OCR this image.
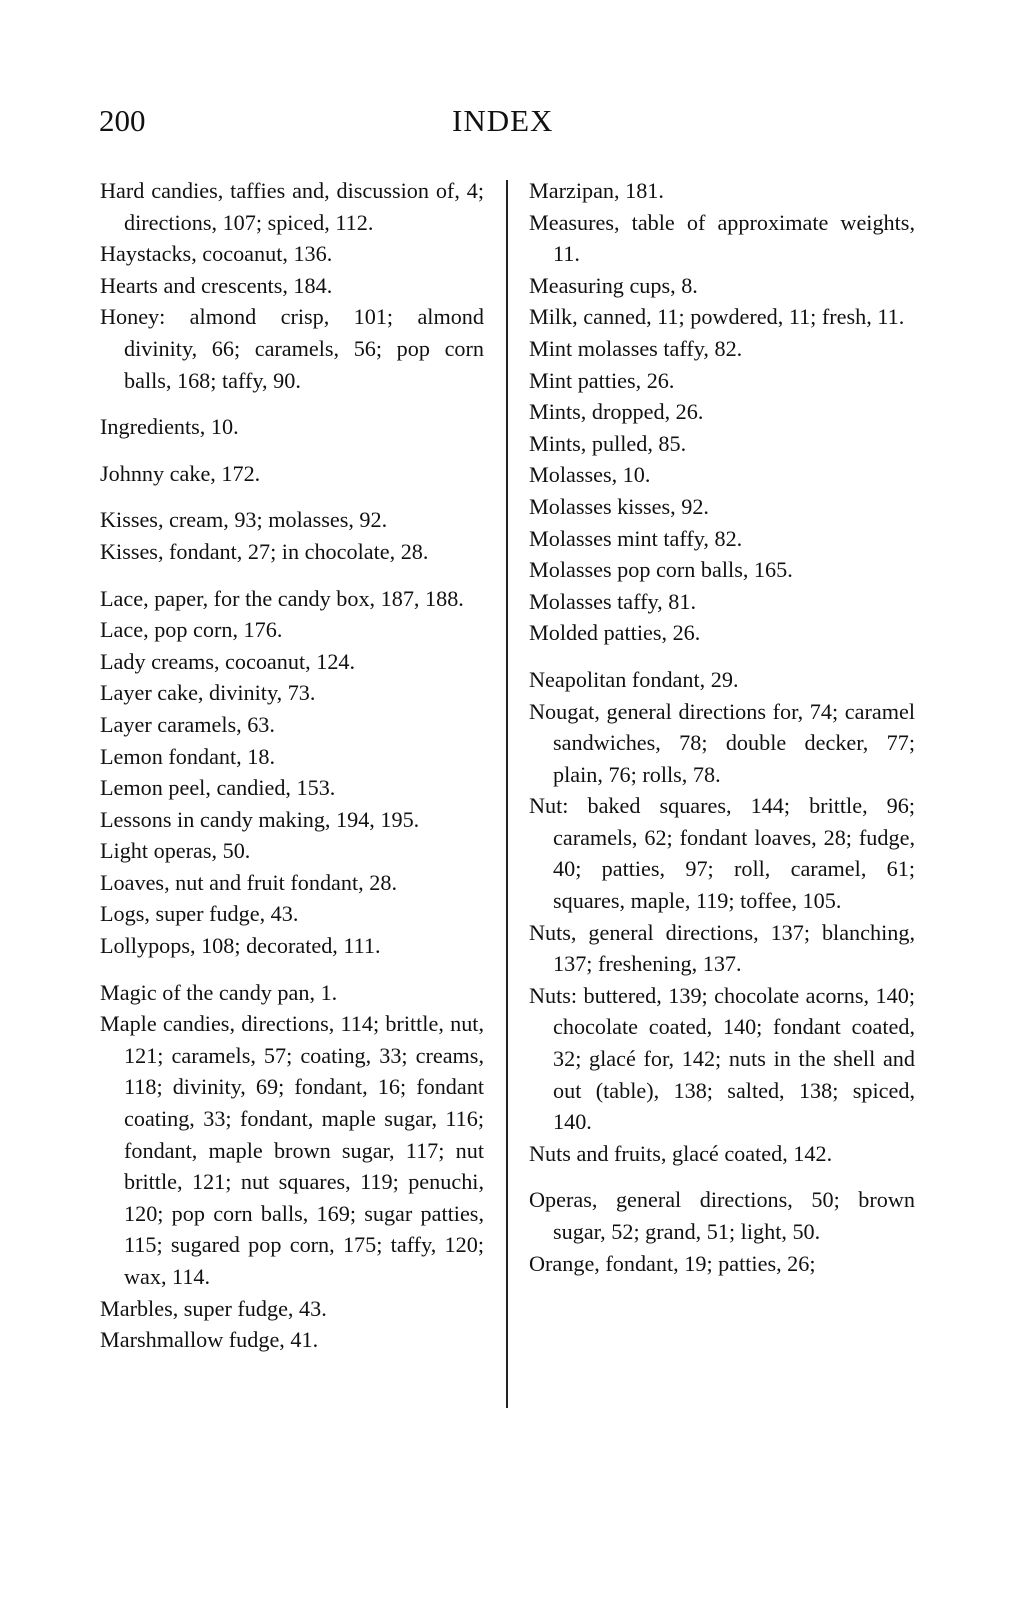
200	INDEX

Hard candies, taffies and, discussion of, 4; directions, 107; spiced, 112.

Haystacks, cocoanut, 136.

Hearts and crescents, 184.

Honey: almond crisp, 101; almond divinity, 66; caramels, 56; pop corn balls, 168; taffy, 90.

Ingredients, 10.

Johnny cake, 172.

Kisses, cream, 93; molasses, 92.

Kisses, fondant, 27; in chocolate, 28.

Lace, paper, for the candy box, 187, 188.

Lace, pop corn, 176.

Lady creams, cocoanut, 124.

Layer cake, divinity, 73.

Layer caramels, 63.

Lemon fondant, 18.

Lemon peel, candied, 153.

Lessons in candy making, 194, 195.

Light operas, 50.

Loaves, nut and fruit fondant, 28.

Logs, super fudge, 43.

Lollypops, 108; decorated, 111.

Magic of the candy pan, 1.

Maple candies, directions, 114; brittle, nut, 121; caramels, 57; coating, 33; creams, 118; divinity, 69; fondant, 16; fondant coating, 33; fondant, maple sugar, 116; fondant, maple brown sugar, 117; nut brittle, 121; nut squares, 119; penuchi, 120; pop corn balls, 169; sugar patties, 115; sugared pop corn, 175; taffy, 120; wax, 114.

Marbles, super fudge, 43.

Marshmallow fudge, 41.

Marzipan, 181.

Measures, table of approximate weights, 11.

Measuring cups, 8.

Milk, canned, 11; powdered, 11; fresh, 11.

Mint molasses taffy, 82.

Mint patties, 26.

Mints, dropped, 26.

Mints, pulled, 85.

Molasses, 10.

Molasses kisses, 92.

Molasses mint taffy, 82.

Molasses pop corn balls, 165.

Molasses taffy, 81.

Molded patties, 26.

Neapolitan fondant, 29.

Nougat, general directions for, 74; caramel sandwiches, 78; double decker, 77; plain, 76; rolls, 78.

Nut: baked squares, 144; brittle, 96; caramels, 62; fondant loaves, 28; fudge, 40; patties, 97; roll, caramel, 61; squares, maple, 119; toffee, 105.

Nuts, general directions, 137; blanching, 137; freshening, 137.

Nuts: buttered, 139; chocolate acorns, 140; chocolate coated, 140; fondant coated, 32; glacé for, 142; nuts in the shell and out (table), 138; salted, 138; spiced, 140.

Nuts and fruits, glacé coated, 142.

Operas, general directions, 50; brown sugar, 52; grand, 51; light, 50.

Orange, fondant, 19; patties, 26;
